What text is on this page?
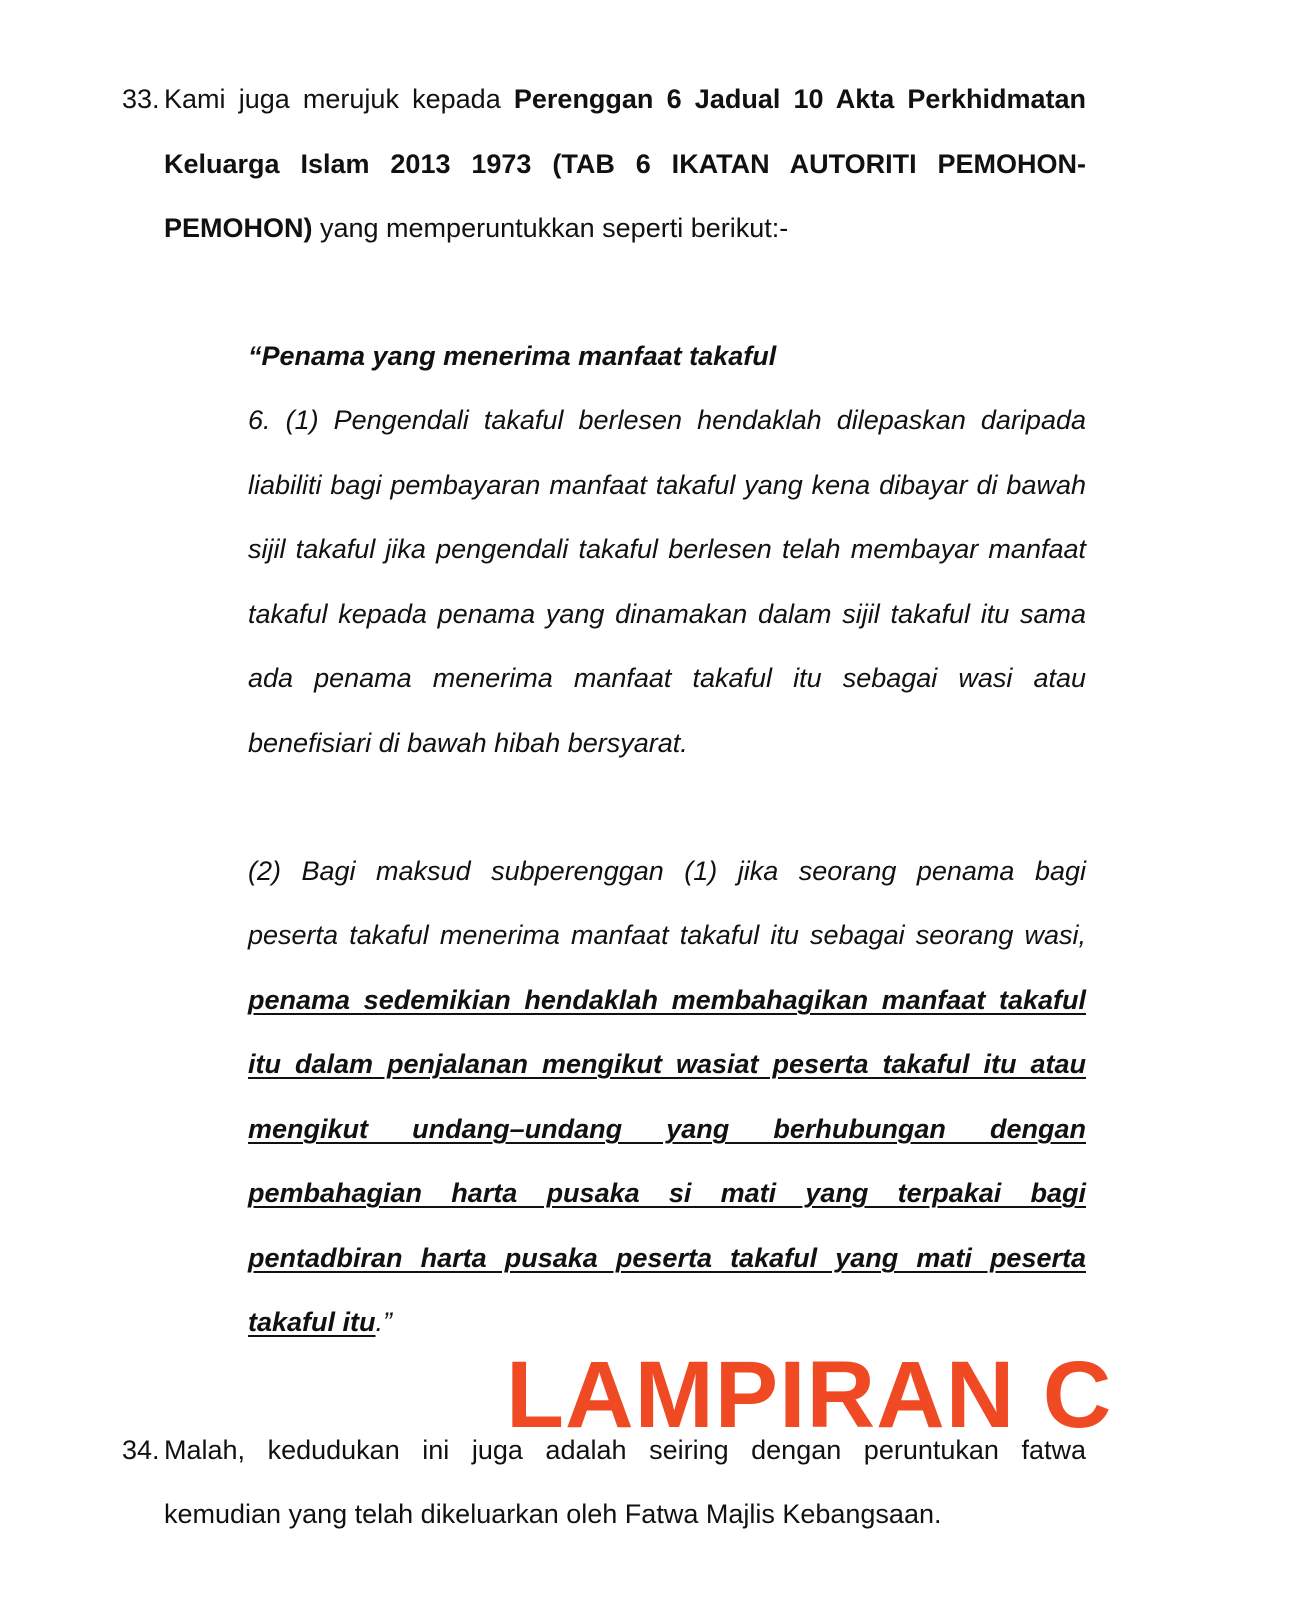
33. Kami juga merujuk kepada Perenggan 6 Jadual 10 Akta Perkhidmatan

Keluarga Islam 2013 1973 (TAB 6 IKATAN AUTORITI PEMOHON-

PEMOHON) yang memperuntukkan seperti berikut:-

“Penama yang menerima manfaat takaful

6. (1) Pengendali takaful berlesen hendaklah dilepaskan daripada

liabiliti bagi pembayaran manfaat takaful yang kena dibayar di bawah

sijil takaful jika pengendali takaful berlesen telah membayar manfaat

takaful kepada penama yang dinamakan dalam sijil takaful itu sama

ada penama menerima manfaat takaful itu sebagai wasi atau

benefisiari di bawah hibah bersyarat.

(2) Bagi maksud subperenggan (1) jika seorang penama bagi

peserta takaful menerima manfaat takaful itu sebagai seorang wasi,

penama sedemikian hendaklah membahagikan manfaat takaful

itu dalam penjalanan mengikut wasiat peserta takaful itu atau

mengikut undang–undang yang berhubungan dengan

pembahagian harta pusaka si mati yang terpakai bagi

pentadbiran harta pusaka peserta takaful yang mati peserta

takaful itu.”

LAMPIRAN C
34. Malah, kedudukan ini juga adalah seiring dengan peruntukan fatwa

kemudian yang telah dikeluarkan oleh Fatwa Majlis Kebangsaan.
